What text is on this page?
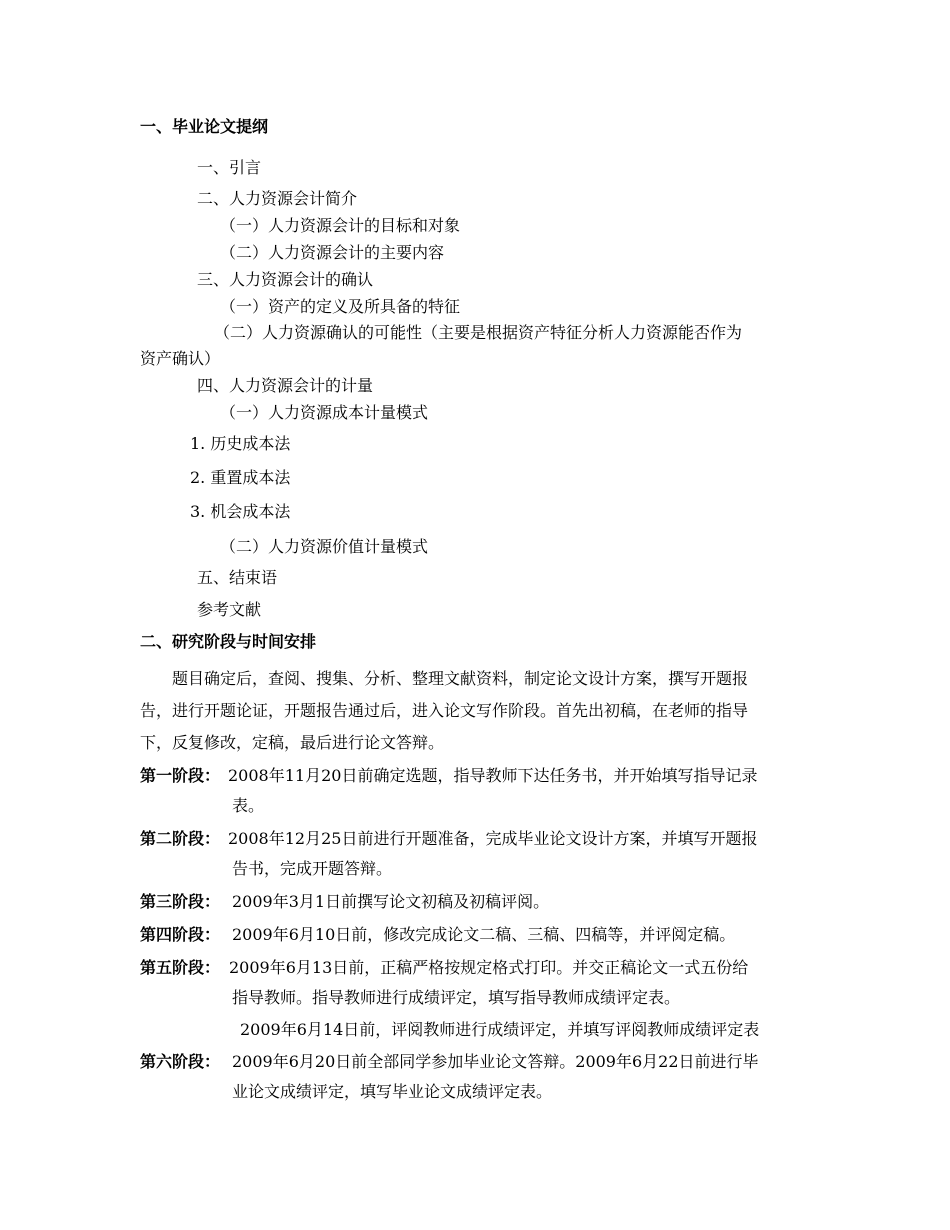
一、毕业论文提纲
一、引言
二、人力资源会计简介
（一）人力资源会计的目标和对象
（二）人力资源会计的主要内容
三、人力资源会计的确认
（一）资产的定义及所具备的特征
（二）人力资源确认的可能性（主要是根据资产特征分析人力资源能否作为
资产确认）
四、人力资源会计的计量
（一）人力资源成本计量模式
1. 历史成本法
2. 重置成本法
3. 机会成本法
（二）人力资源价值计量模式
五、结束语
参考文献
二、研究阶段与时间安排
题目确定后，查阅、搜集、分析、整理文献资料，制定论文设计方案，撰写开题报
告，进行开题论证，开题报告通过后，进入论文写作阶段。首先出初稿，在老师的指导
下，反复修改，定稿，最后进行论文答辩。
第一阶段： 2008年11月20日前确定选题，指导教师下达任务书，并开始填写指导记录
表。
第二阶段： 2008年12月25日前进行开题准备，完成毕业论文设计方案，并填写开题报
告书，完成开题答辩。
第三阶段： 2009年3月1日前撰写论文初稿及初稿评阅。
第四阶段： 2009年6月10日前，修改完成论文二稿、三稿、四稿等，并评阅定稿。
第五阶段： 2009年6月13日前，正稿严格按规定格式打印。并交正稿论文一式五份给
指导教师。指导教师进行成绩评定，填写指导教师成绩评定表。
2009年6月14日前，评阅教师进行成绩评定，并填写评阅教师成绩评定表
第六阶段： 2009年6月20日前全部同学参加毕业论文答辩。2009年6月22日前进行毕
业论文成绩评定，填写毕业论文成绩评定表。
